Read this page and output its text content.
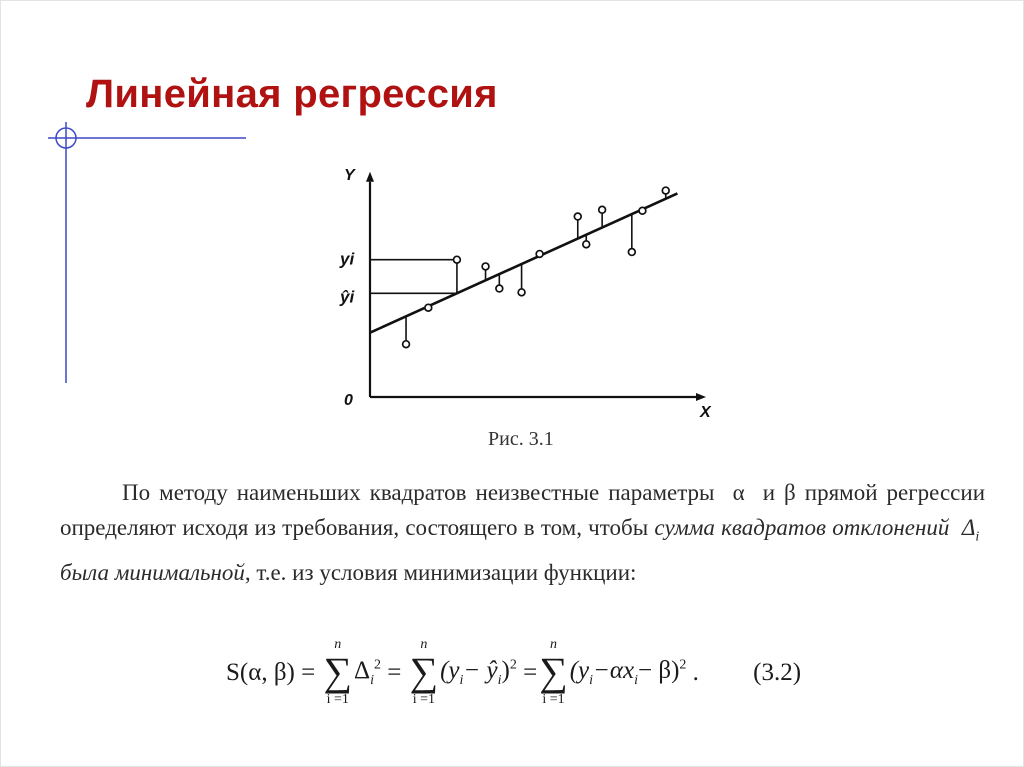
Линейная регрессия
Y
X
0
yi
ŷi
Рис. 3.1

По методу наименьших квадратов неизвестные параметры α и β прямой регрессии определяют исходя из требования, состоящего в том, чтобы сумма квадратов отклонений $\Delta_i$  была минимальной, т.е. из условия минимизации функции:

S(α, β) =
n
∑
i =1
$\Delta_i^2$ =
n
∑
i =1
($y_i-$ $ŷ_i)^2$ =
n
∑
i =1
$(y_i-\alpha x_i- \beta)^2$ . (3.2)
